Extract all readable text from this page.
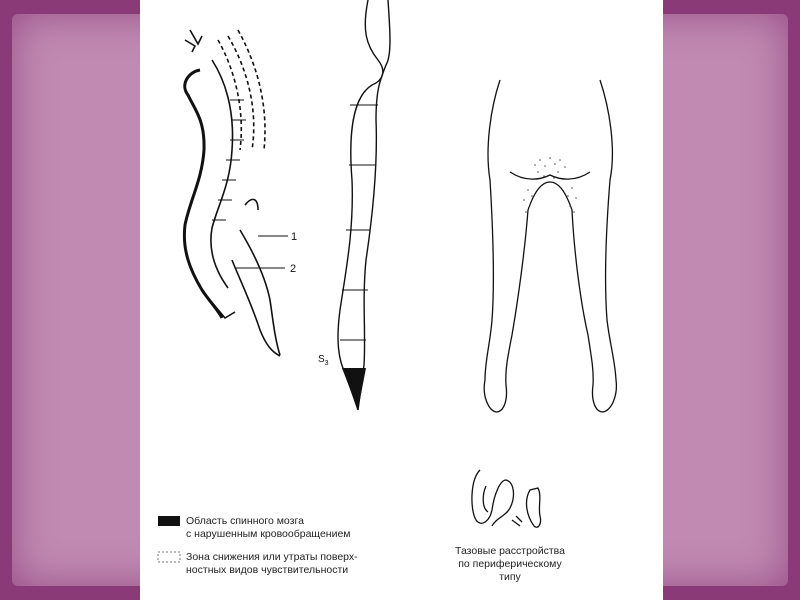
1
2
$S_3$
Область спинного мозга
с нарушенным кровообращением
Зона снижения или утраты поверх-
ностных видов чувствительности
Тазовые расстройства
по периферическому
типу
